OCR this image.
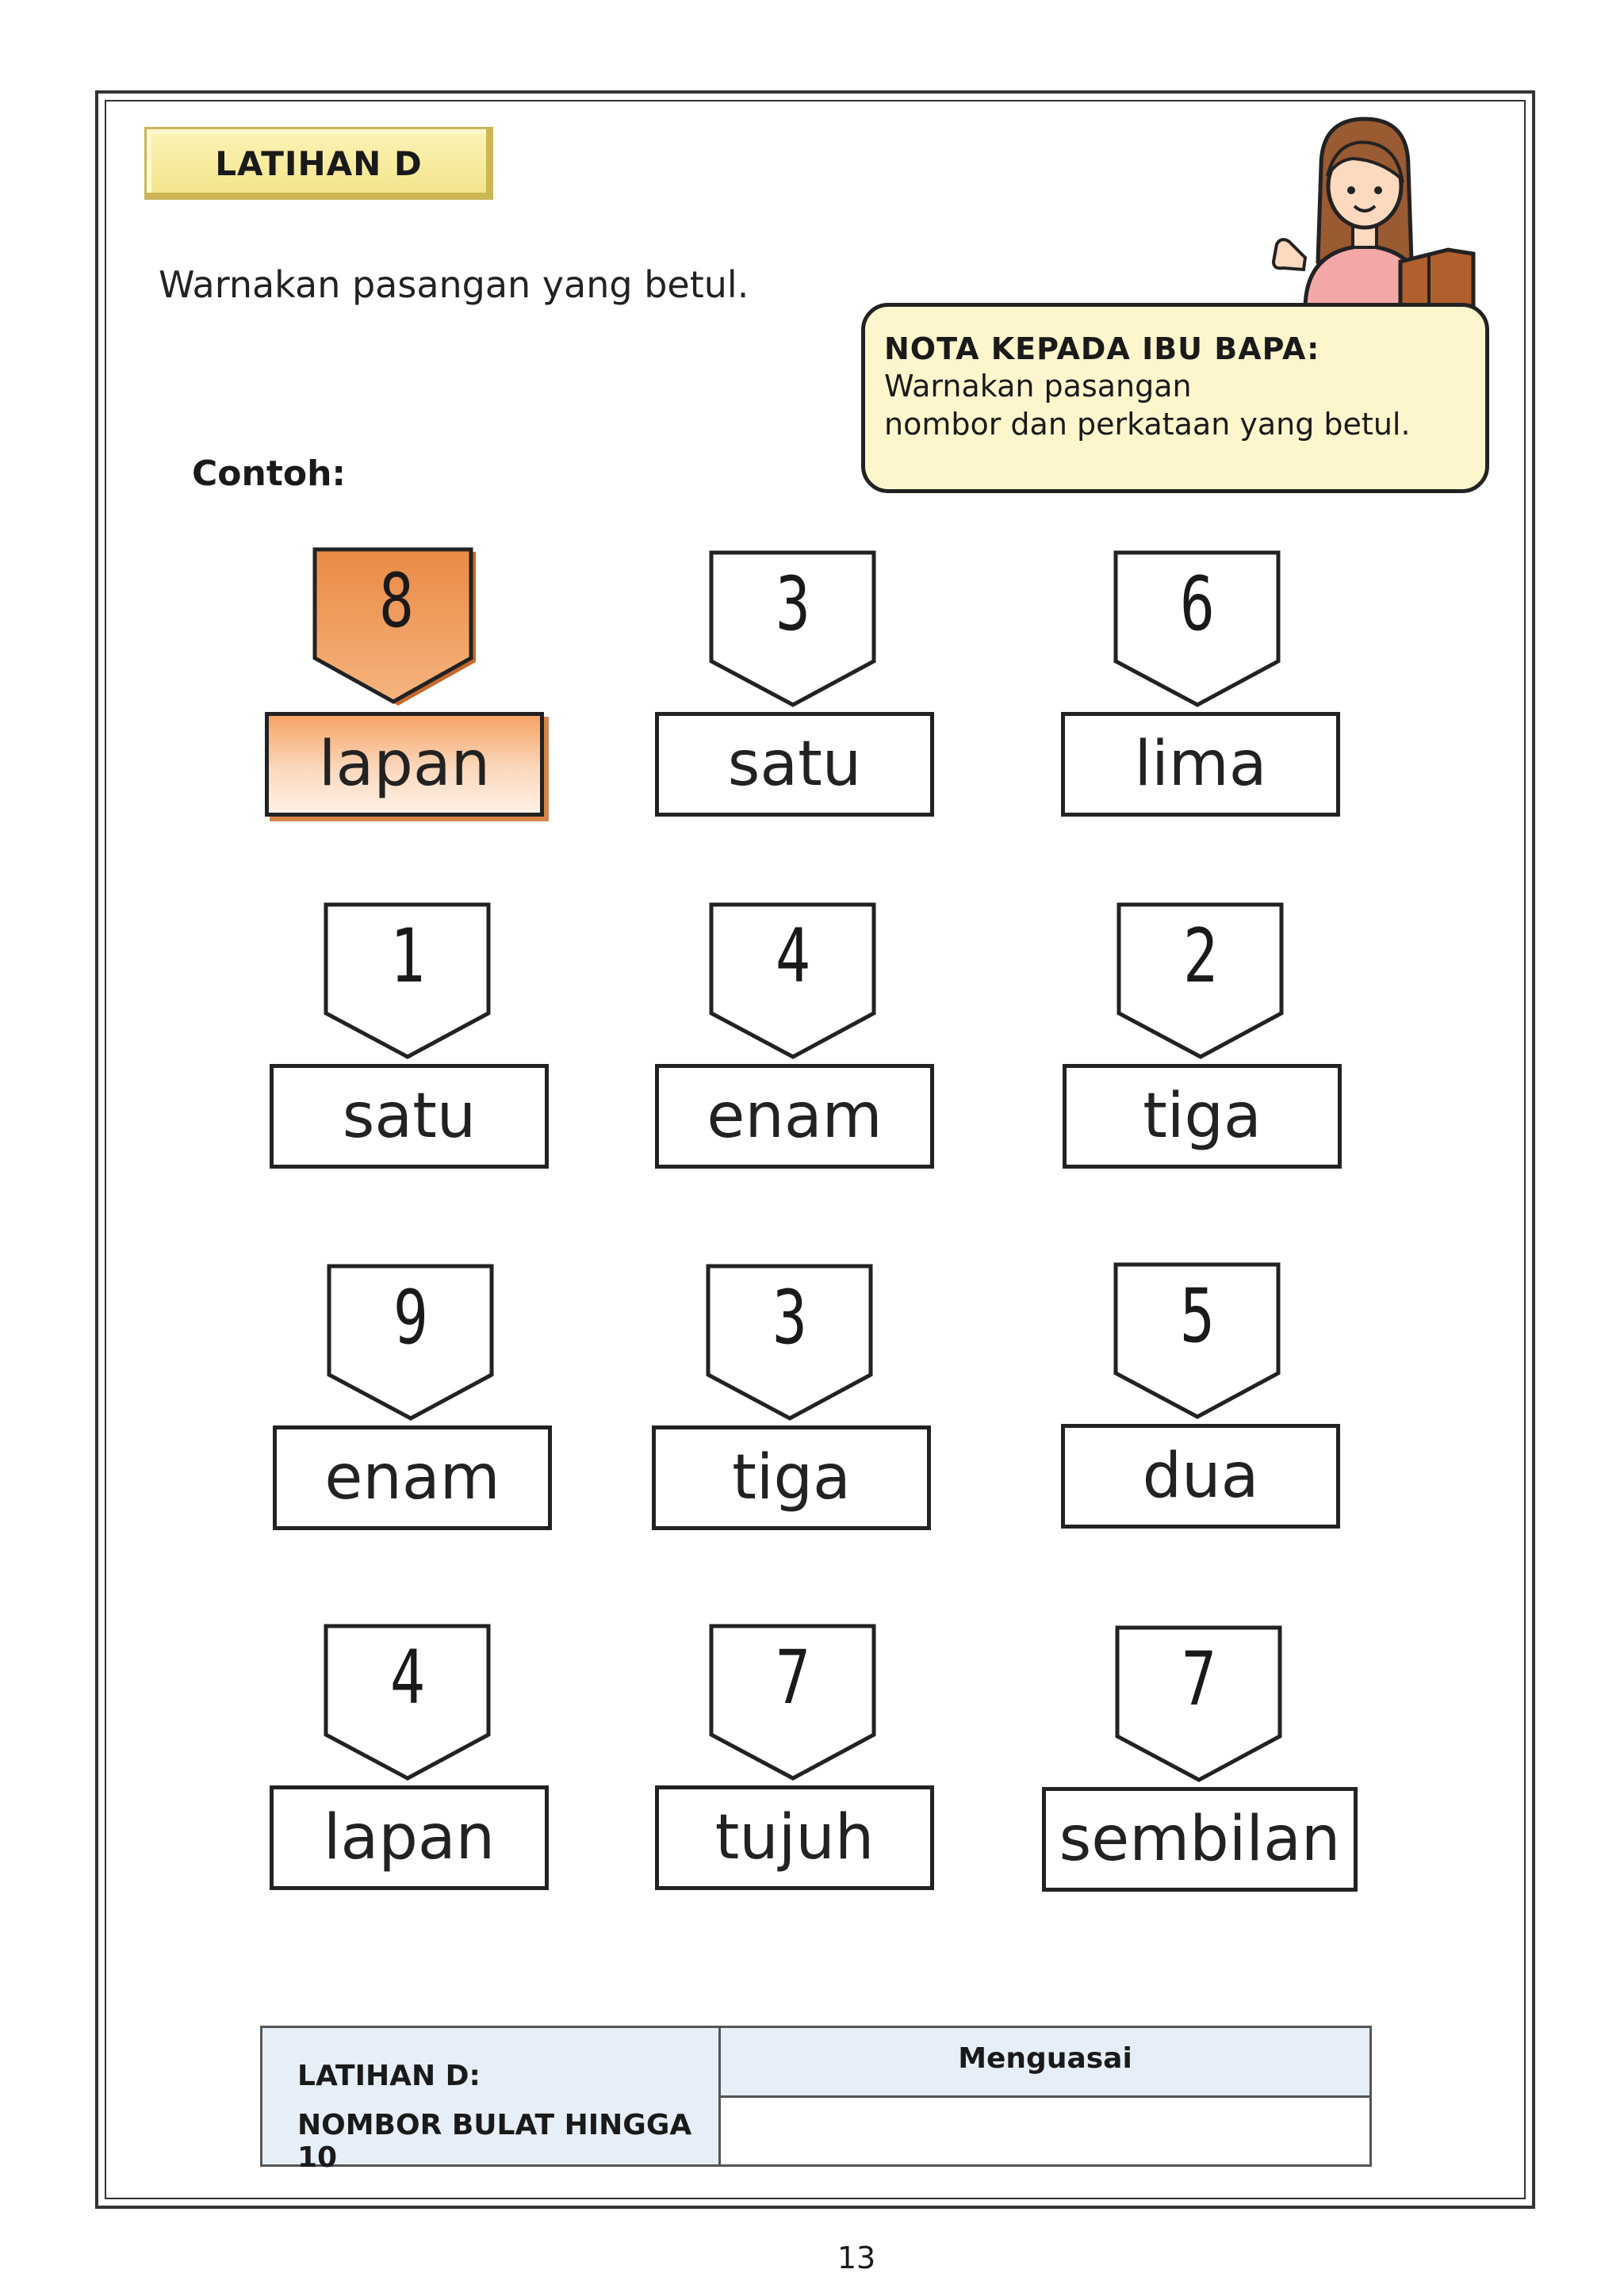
LATIHAN D
Warnakan pasangan yang betul.
NOTA KEPADA IBU BAPA:
Warnakan pasangan
nombor dan perkataan yang betul.
Contoh:
8
lapan
3
satu
6
lima
1
satu
4
enam
2
tiga
9
enam
3
tiga
5
dua
4
lapan
7
tujuh
7
sembilan
LATIHAN D:
NOMBOR BULAT HINGGA 10
Menguasai
13
